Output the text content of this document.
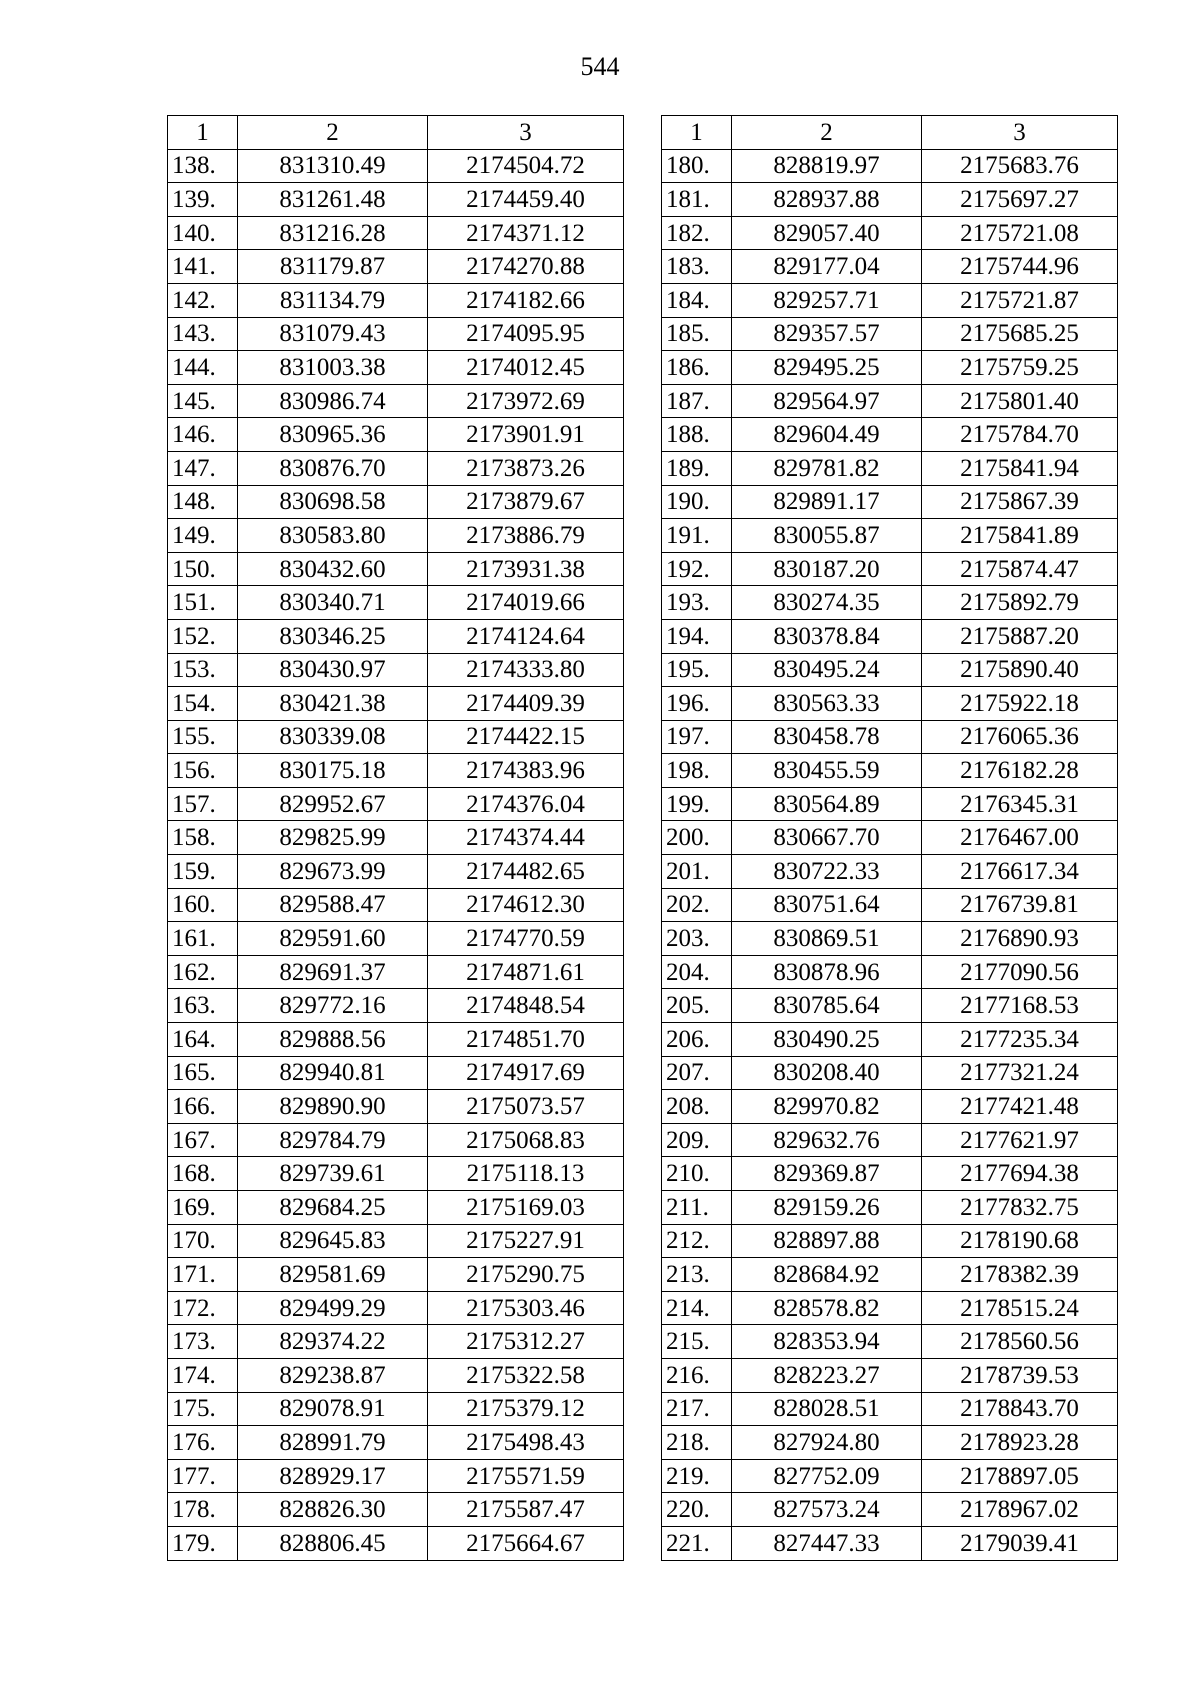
544
1	2	3
138.	831310.49	2174504.72
139.	831261.48	2174459.40
140.	831216.28	2174371.12
141.	831179.87	2174270.88
142.	831134.79	2174182.66
143.	831079.43	2174095.95
144.	831003.38	2174012.45
145.	830986.74	2173972.69
146.	830965.36	2173901.91
147.	830876.70	2173873.26
148.	830698.58	2173879.67
149.	830583.80	2173886.79
150.	830432.60	2173931.38
151.	830340.71	2174019.66
152.	830346.25	2174124.64
153.	830430.97	2174333.80
154.	830421.38	2174409.39
155.	830339.08	2174422.15
156.	830175.18	2174383.96
157.	829952.67	2174376.04
158.	829825.99	2174374.44
159.	829673.99	2174482.65
160.	829588.47	2174612.30
161.	829591.60	2174770.59
162.	829691.37	2174871.61
163.	829772.16	2174848.54
164.	829888.56	2174851.70
165.	829940.81	2174917.69
166.	829890.90	2175073.57
167.	829784.79	2175068.83
168.	829739.61	2175118.13
169.	829684.25	2175169.03
170.	829645.83	2175227.91
171.	829581.69	2175290.75
172.	829499.29	2175303.46
173.	829374.22	2175312.27
174.	829238.87	2175322.58
175.	829078.91	2175379.12
176.	828991.79	2175498.43
177.	828929.17	2175571.59
178.	828826.30	2175587.47
179.	828806.45	2175664.67
1	2	3
180.	828819.97	2175683.76
181.	828937.88	2175697.27
182.	829057.40	2175721.08
183.	829177.04	2175744.96
184.	829257.71	2175721.87
185.	829357.57	2175685.25
186.	829495.25	2175759.25
187.	829564.97	2175801.40
188.	829604.49	2175784.70
189.	829781.82	2175841.94
190.	829891.17	2175867.39
191.	830055.87	2175841.89
192.	830187.20	2175874.47
193.	830274.35	2175892.79
194.	830378.84	2175887.20
195.	830495.24	2175890.40
196.	830563.33	2175922.18
197.	830458.78	2176065.36
198.	830455.59	2176182.28
199.	830564.89	2176345.31
200.	830667.70	2176467.00
201.	830722.33	2176617.34
202.	830751.64	2176739.81
203.	830869.51	2176890.93
204.	830878.96	2177090.56
205.	830785.64	2177168.53
206.	830490.25	2177235.34
207.	830208.40	2177321.24
208.	829970.82	2177421.48
209.	829632.76	2177621.97
210.	829369.87	2177694.38
211.	829159.26	2177832.75
212.	828897.88	2178190.68
213.	828684.92	2178382.39
214.	828578.82	2178515.24
215.	828353.94	2178560.56
216.	828223.27	2178739.53
217.	828028.51	2178843.70
218.	827924.80	2178923.28
219.	827752.09	2178897.05
220.	827573.24	2178967.02
221.	827447.33	2179039.41
